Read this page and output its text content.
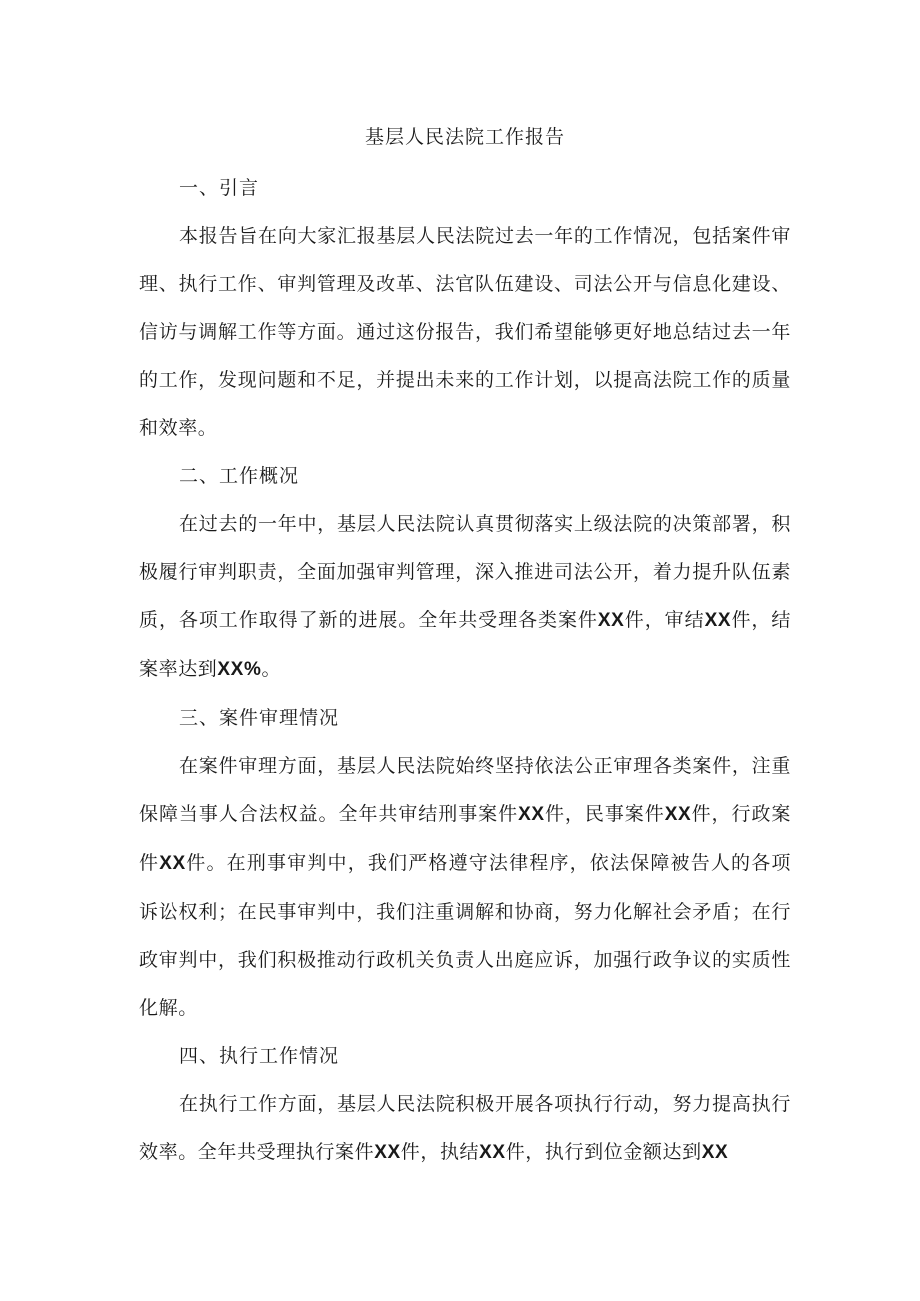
基层人民法院工作报告

一、引言

本报告旨在向大家汇报基层人民法院过去一年的工作情况，包括案件审理、执行工作、审判管理及改革、法官队伍建设、司法公开与信息化建设、信访与调解工作等方面。通过这份报告，我们希望能够更好地总结过去一年的工作，发现问题和不足，并提出未来的工作计划，以提高法院工作的质量和效率。

二、工作概况

在过去的一年中，基层人民法院认真贯彻落实上级法院的决策部署，积极履行审判职责，全面加强审判管理，深入推进司法公开，着力提升队伍素质，各项工作取得了新的进展。全年共受理各类案件XX件，审结XX件，结案率达到XX%。

三、案件审理情况

在案件审理方面，基层人民法院始终坚持依法公正审理各类案件，注重保障当事人合法权益。全年共审结刑事案件XX件，民事案件XX件，行政案件XX件。在刑事审判中，我们严格遵守法律程序，依法保障被告人的各项诉讼权利；在民事审判中，我们注重调解和协商，努力化解社会矛盾；在行政审判中，我们积极推动行政机关负责人出庭应诉，加强行政争议的实质性化解。

四、执行工作情况

在执行工作方面，基层人民法院积极开展各项执行行动，努力提高执行效率。全年共受理执行案件XX件，执结XX件，执行到位金额达到XX
